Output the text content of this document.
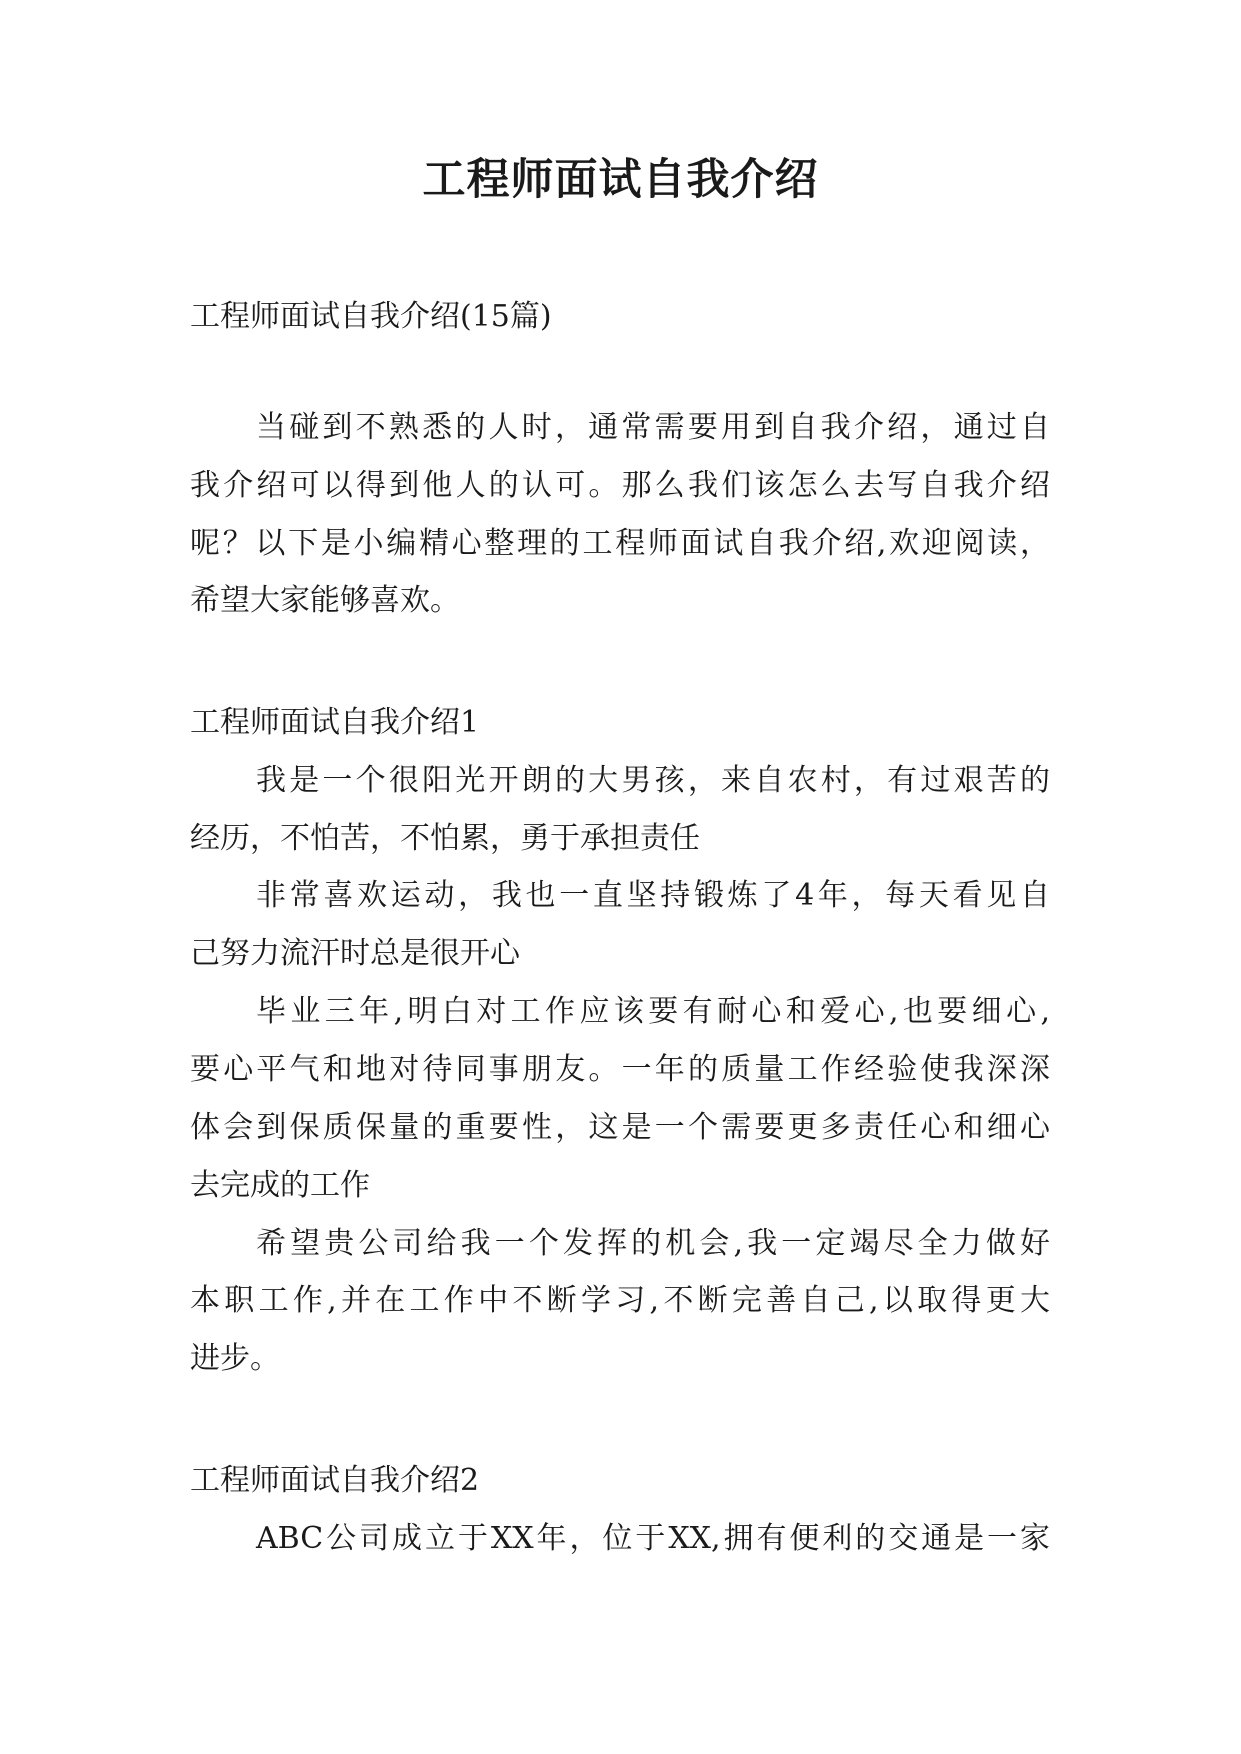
工程师面试自我介绍

工程师面试自我介绍(15篇)

当碰到不熟悉的人时，通常需要用到自我介绍，通过自

我介绍可以得到他人的认可。那么我们该怎么去写自我介绍

呢？以下是小编精心整理的工程师面试自我介绍,欢迎阅读，

希望大家能够喜欢。

工程师面试自我介绍1

我是一个很阳光开朗的大男孩，来自农村，有过艰苦的

经历，不怕苦，不怕累，勇于承担责任

非常喜欢运动，我也一直坚持锻炼了4年，每天看见自

己努力流汗时总是很开心

毕业三年,明白对工作应该要有耐心和爱心,也要细心,

要心平气和地对待同事朋友。一年的质量工作经验使我深深

体会到保质保量的重要性，这是一个需要更多责任心和细心

去完成的工作

希望贵公司给我一个发挥的机会,我一定竭尽全力做好

本职工作,并在工作中不断学习,不断完善自己,以取得更大

进步。

工程师面试自我介绍2

ABC公司成立于XX年，位于XX,拥有便利的交通是一家
